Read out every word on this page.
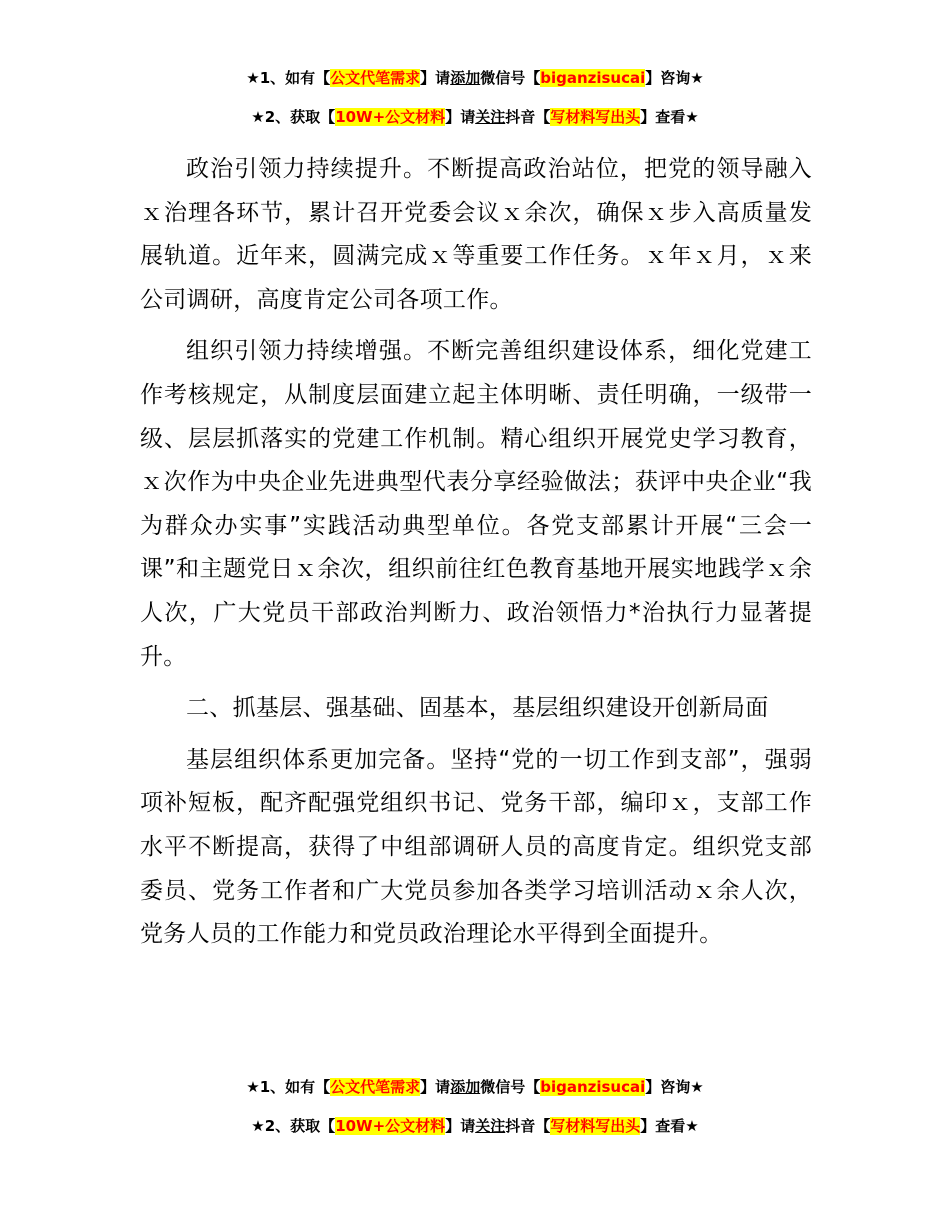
★1、如有【公文代笔需求】请添加微信号【biganzisucai】咨询★
★2、获取【10W+公文材料】请关注抖音【写材料写出头】查看★

政治引领力持续提升。不断提高政治站位，把党的领导融入ｘ治理各环节，累计召开党委会议ｘ余次，确保ｘ步入高质量发展轨道。近年来，圆满完成ｘ等重要工作任务。ｘ年ｘ月，ｘ来公司调研，高度肯定公司各项工作。

组织引领力持续增强。不断完善组织建设体系，细化党建工作考核规定，从制度层面建立起主体明晰、责任明确，一级带一级、层层抓落实的党建工作机制。精心组织开展党史学习教育，ｘ次作为中央企业先进典型代表分享经验做法；获评中央企业“我为群众办实事”实践活动典型单位。各党支部累计开展“三会一课”和主题党日ｘ余次，组织前往红色教育基地开展实地践学ｘ余人次，广大党员干部政治判断力、政治领悟力*治执行力显著提升。

二、抓基层、强基础、固基本，基层组织建设开创新局面

基层组织体系更加完备。坚持“党的一切工作到支部”，强弱项补短板，配齐配强党组织书记、党务干部，编印ｘ，支部工作水平不断提高，获得了中组部调研人员的高度肯定。组织党支部委员、党务工作者和广大党员参加各类学习培训活动ｘ余人次，党务人员的工作能力和党员政治理论水平得到全面提升。

★1、如有【公文代笔需求】请添加微信号【biganzisucai】咨询★
★2、获取【10W+公文材料】请关注抖音【写材料写出头】查看★
